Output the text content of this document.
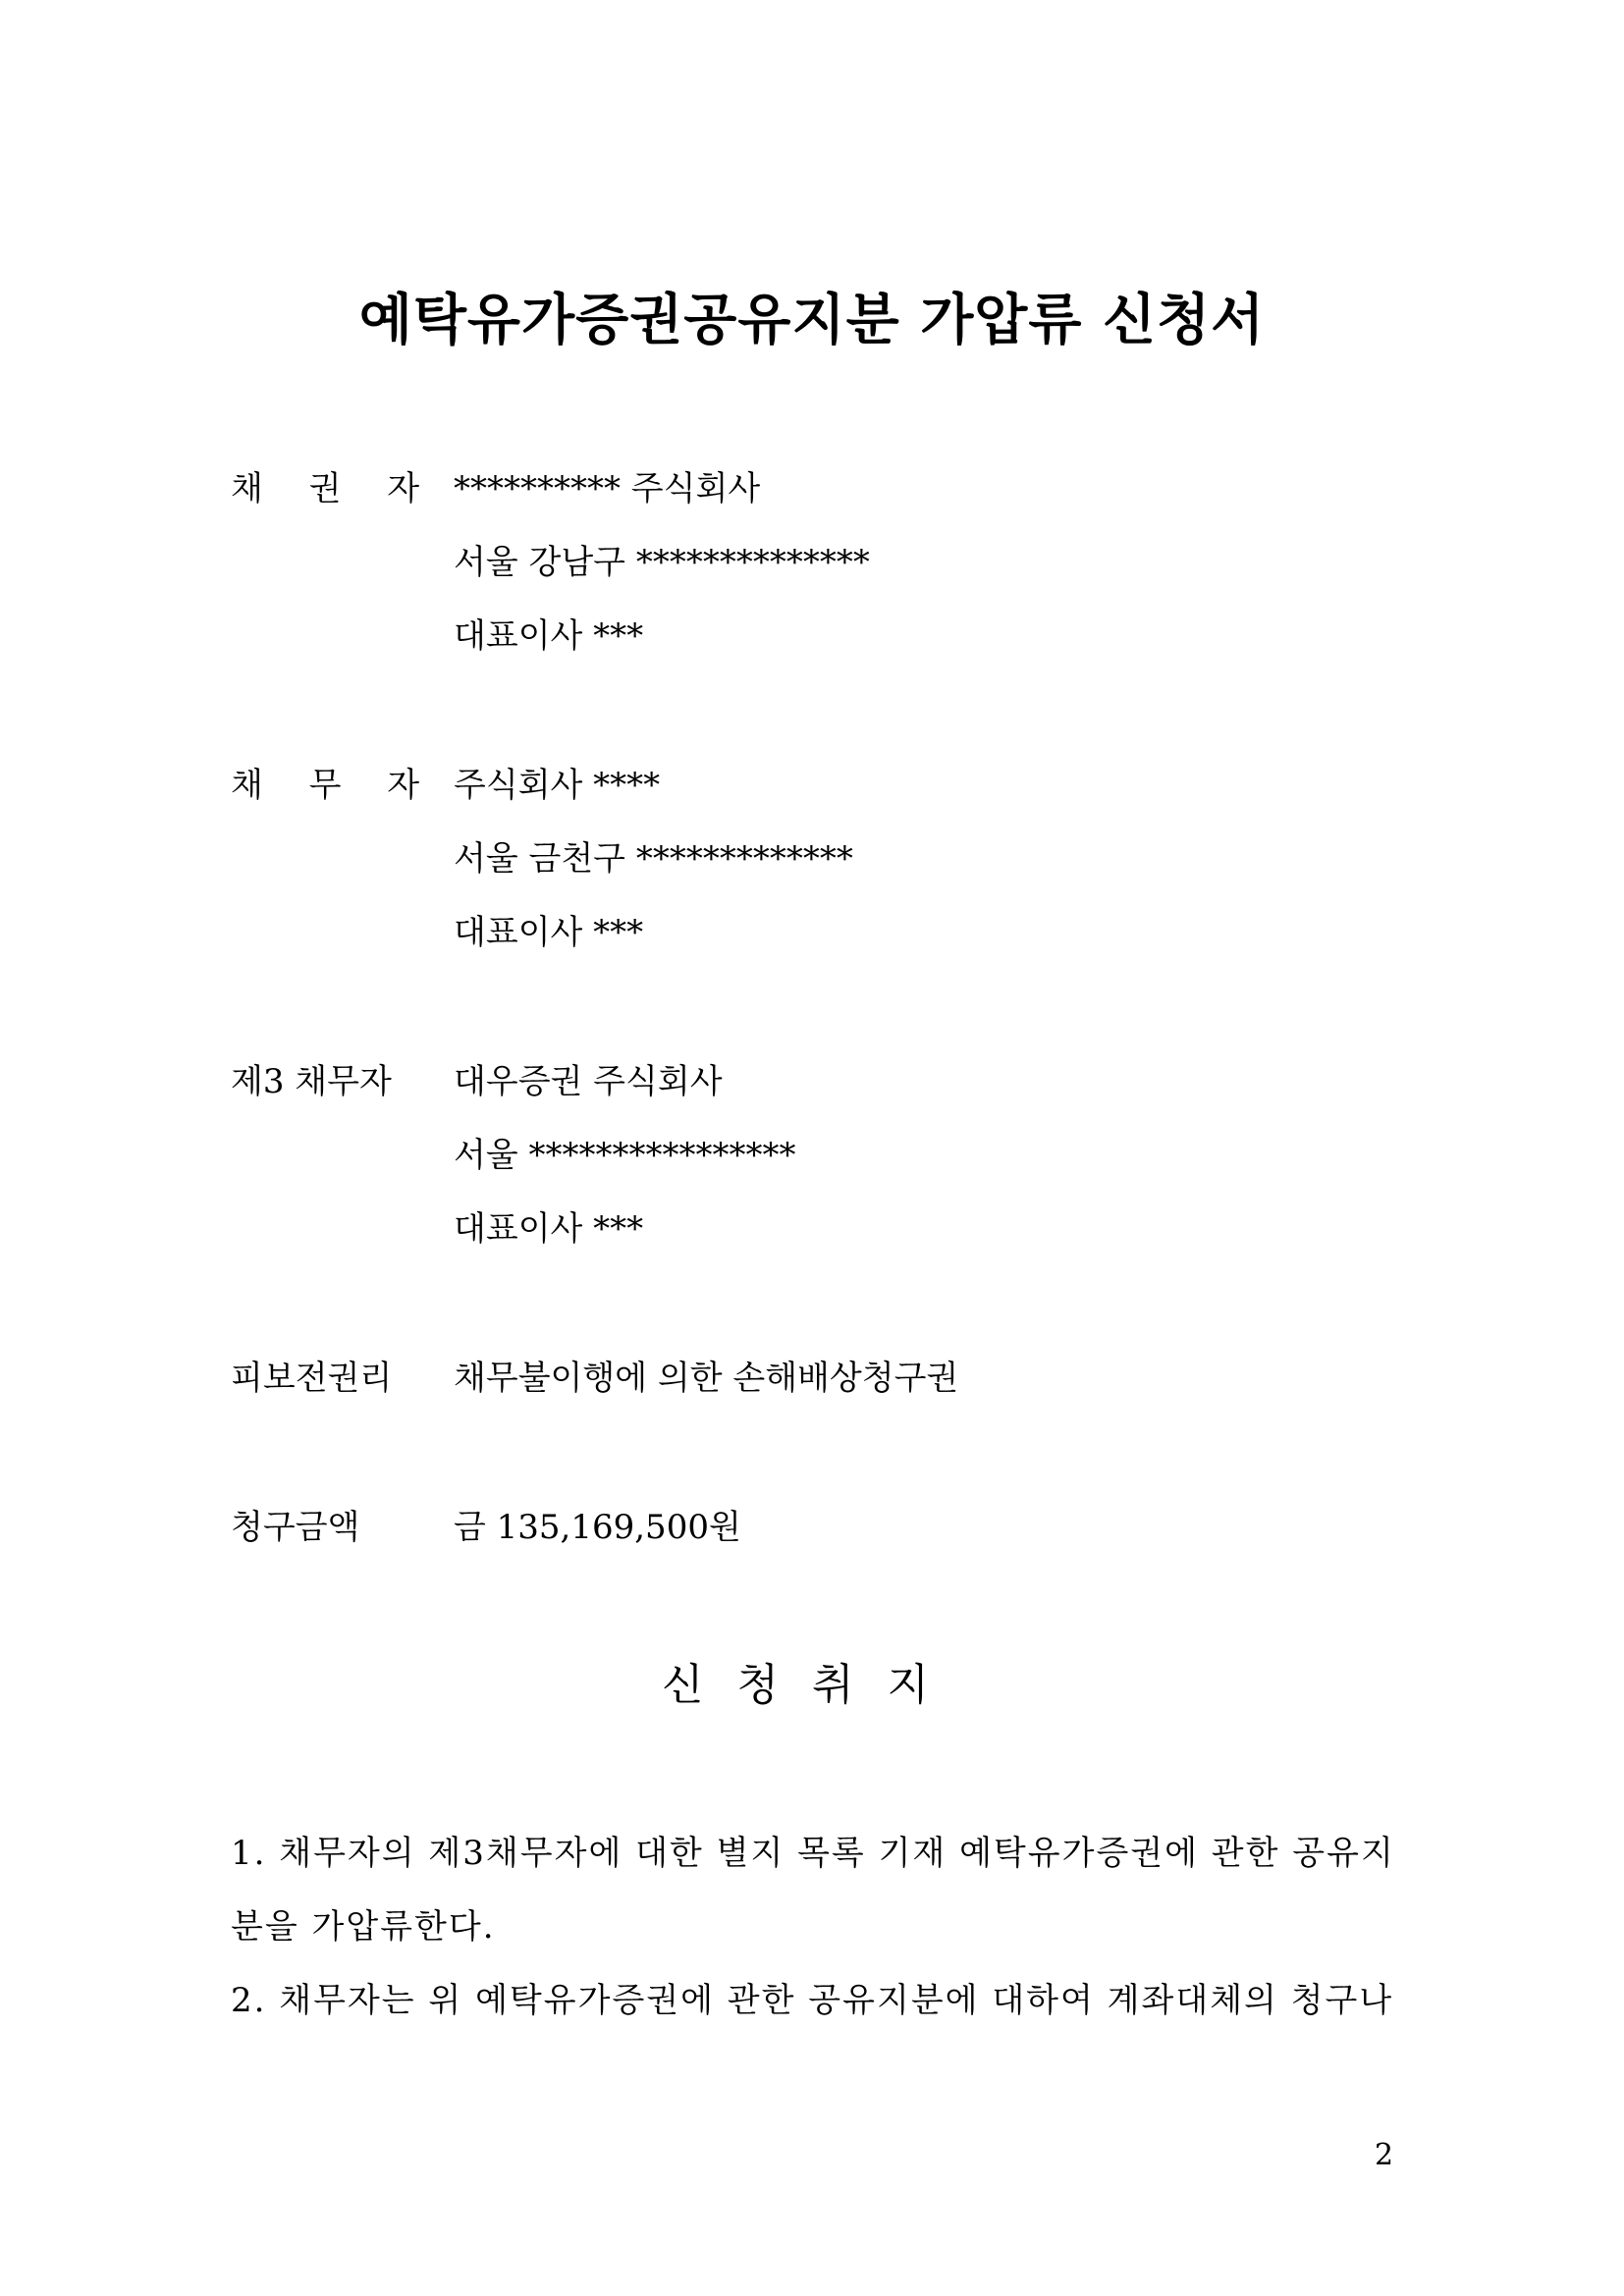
예탁유가증권공유지분 가압류 신청서
채 권 자 ********** 주식회사
서울 강남구 **************
대표이사 ***
채 무 자 주식회사 ****
서울 금천구 *************
대표이사 ***
제3 채무자 대우증권 주식회사
서울 ****************
대표이사 ***
피보전권리 채무불이행에 의한 손해배상청구권
청구금액	금 135,169,500원
신청취지
1. 채무자의 제3채무자에 대한 별지 목록 기재 예탁유가증권에 관한 공유지
분을 가압류한다.
2. 채무자는 위 예탁유가증권에 관한 공유지분에 대하여 계좌대체의 청구나
2
